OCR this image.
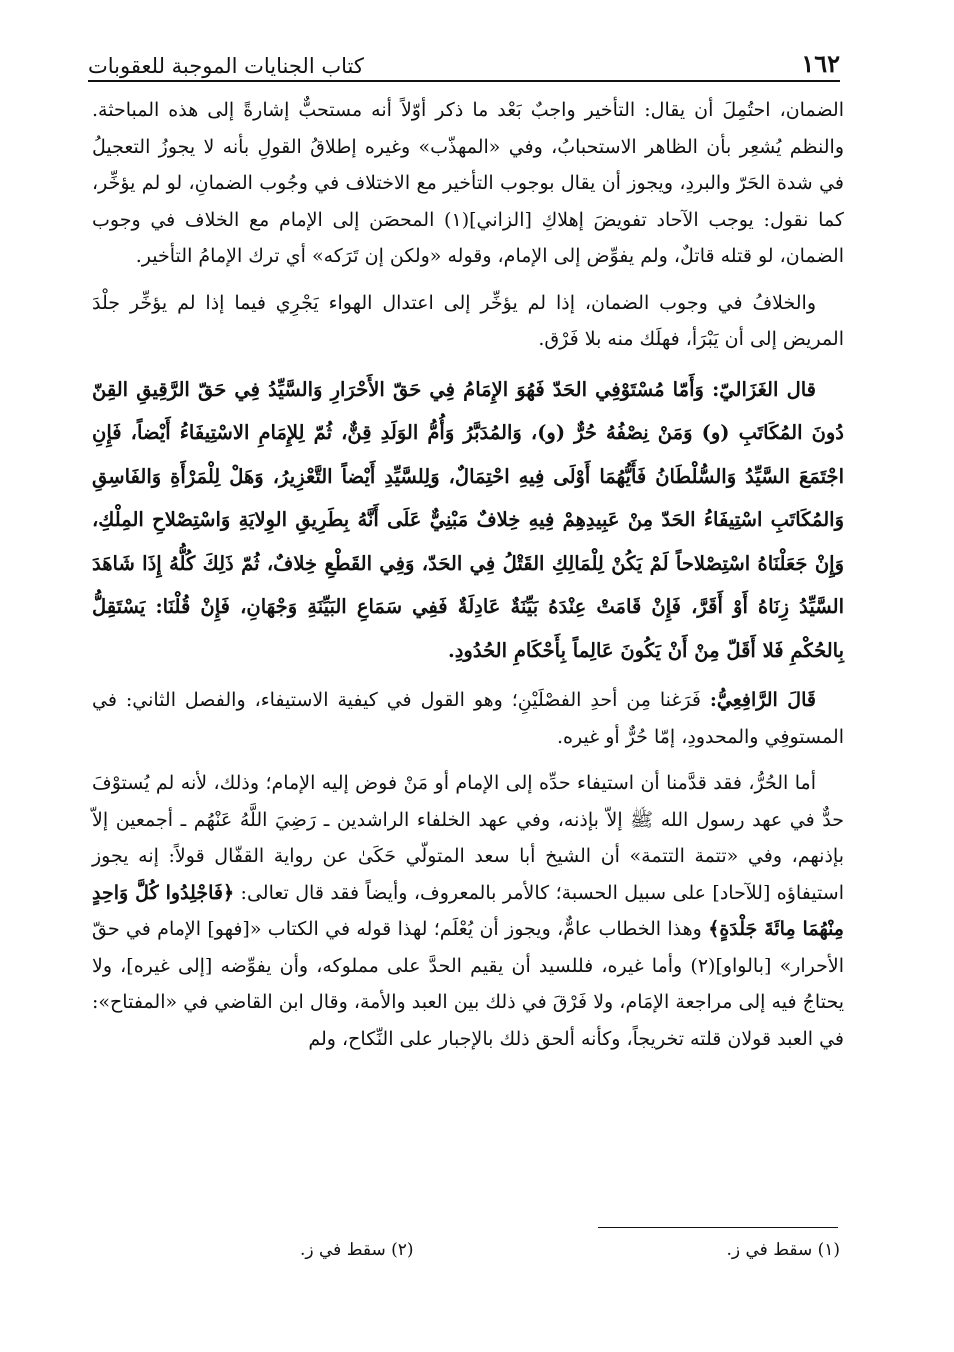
١٦٢
كتاب الجنايات الموجبة للعقوبات

الضمان، احتُمِلَ أن يقال: التأخير واجبٌ بَعْد ما ذكر أوّلاً أنه مستحبٌّ إشارةً إلى هذه المباحثة. والنظم يُشعِر بأن الظاهر الاستحبابُ، وفي «المهذّب» وغيره إطلاقُ القولِ بأنه لا يجوزُ التعجيلُ في شدة الحَرّ والبردِ، ويجوز أن يقال بوجوب التأخير مع الاختلاف في وجُوب الضمانِ، لو لم يؤخِّر، كما نقول: يوجب الآحاد تفويضَ إهلاكِ [الزاني](١) المحصَن إلى الإمام مع الخلاف في وجوب الضمان، لو قتله قاتلٌ، ولم يفوِّض إلى الإمام، وقوله «ولكن إن تَرَكه» أي ترك الإمامُ التأخير.

والخلافُ في وجوب الضمان، إذا لم يؤخِّر إلى اعتدال الهواء يَجْرِي فيما إذا لم يؤخِّر جلْدَ المريض إلى أن يَبْرَأ، فهلَك منه بلا فَرْق.

قال الغَزَاليّ: وَأَمّا مُسْتَوْفِي الحَدّ فَهُوَ الإِمَامُ فِي حَقّ الأَحْرَارِ وَالسَّيِّدُ فِي حَقّ الرَّقِيقِ القِنّ دُونَ المُكَاتَبِ (و) وَمَنْ نِصْفُهُ حُرٌّ (و)، وَالمُدَبَّرُ وَأُمُّ الوَلَدِ قِنٌّ، ثُمّ لِلإِمَامِ الاسْتِيفَاءُ أَيْضاً، فَإِنِ اجْتَمَعَ السَّيِّدُ وَالسُّلْطَانُ فَأَيُّهُمَا أَوْلَى فِيهِ احْتِمَالٌ، وَلِلسَّيِّدِ أَيْضاً التَّعْزِيرُ، وَهَلْ لِلْمَرْأَةِ وَالفَاسِقِ وَالمُكَاتَبِ اسْتِيفَاءُ الحَدّ مِنْ عَبِيدِهِمْ فِيهِ خِلافٌ مَبْنِيٌّ عَلَى أَنَّهُ بِطَرِيقِ الوِلايَةِ وَاسْتِصْلاحِ المِلْكِ، وَإِنْ جَعَلْنَاهُ اسْتِصْلاحاً لَمْ يَكُنْ لِلْمَالِكِ القَتْلُ فِي الحَدّ، وَفِي القَطْعِ خِلافٌ، ثُمّ ذَلِكَ كُلُّهُ إِذَا شَاهَدَ السَّيِّدُ زِنَاهُ أَوْ أَقَرَّ، فَإِنْ قَامَتْ عِنْدَهُ بَيِّنَةٌ عَادِلَةٌ فَفِي سَمَاعِ البَيِّنَةِ وَجْهَانِ، فَإِنْ قُلْنَا: يَسْتَقِلُّ بِالحُكْمِ فَلا أَقَلّ مِنْ أَنْ يَكُونَ عَالِماً بِأَحْكَامِ الحُدُودِ.

قَالَ الرَّافِعِيُّ: فَرَغنا مِن أحدِ الفصْلَيْنِ؛ وهو القول في كيفية الاستيفاء، والفصل الثاني: في المستوفِي والمحدودِ، إمّا حُرٌّ أو غيره.

أما الحُرُّ، فقد قدَّمنا أن استيفاء حدِّه إلى الإمام أو مَنْ فوض إليه الإمام؛ وذلك، لأنه لم يُستوْفَ حدٌّ في عهد رسول الله ﷺ إلاّ بإذنه، وفي عهد الخلفاء الراشدين ـ رَضِيَ اللَّهُ عَنْهُم ـ أجمعين إلاّ بإذنهم، وفي «تتمة التتمة» أن الشيخ أبا سعد المتولّي حَكَىٰ عن رواية القفّال قولاً: إنه يجوز استيفاؤه [للآحاد] على سبيل الحسبة؛ كالأمر بالمعروف، وأيضاً فقد قال تعالى: ﴿فَاجْلِدُوا كُلَّ وَاحِدٍ مِنْهُمَا مِائَةَ جَلْدَةٍ﴾ وهذا الخطاب عامٌّ، ويجوز أن يُعْلَم؛ لهذا قوله في الكتاب «[فهو] الإمام في حقّ الأحرار» [بالواو](٢) وأما غيره، فللسيد أن يقيم الحدَّ على مملوكه، وأن يفوِّضه [إلى غيره]، ولا يحتاجُ فيه إلى مراجعة الإمَام، ولا فَرْقَ في ذلك بين العبد والأمة، وقال ابن القاضي في «المفتاح»: في العبد قولان قلته تخريجاً، وكأنه ألحق ذلك بالإجبار على النِّكاح، ولم

(١) سقط في ز.
(٢) سقط في ز.
